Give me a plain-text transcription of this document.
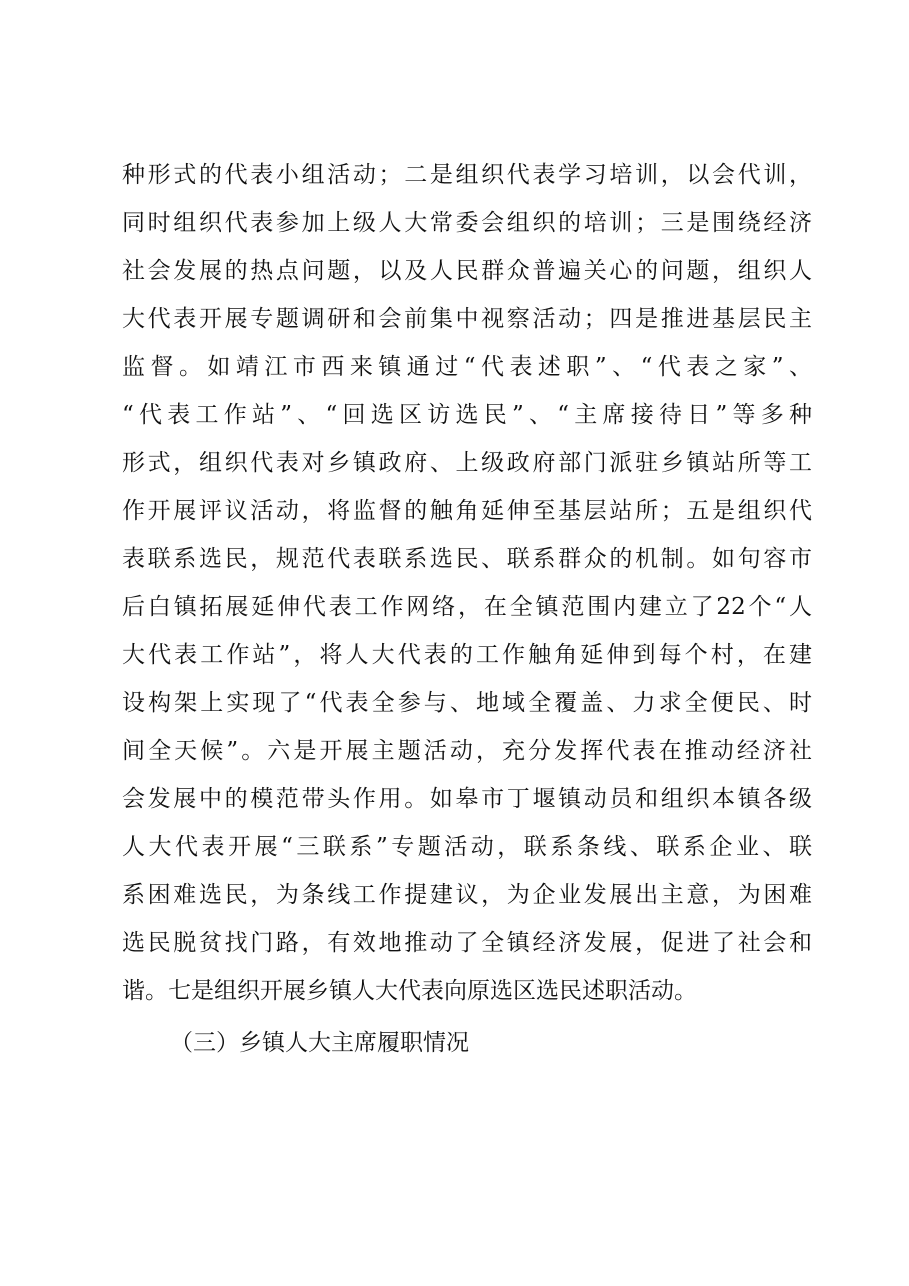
种形式的代表小组活动；二是组织代表学习培训，以会代训，
同时组织代表参加上级人大常委会组织的培训；三是围绕经济
社会发展的热点问题，以及人民群众普遍关心的问题，组织人
大代表开展专题调研和会前集中视察活动；四是推进基层民主
监督。如靖江市西来镇通过“代表述职”、“代表之家”、
“代表工作站”、“回选区访选民”、“主席接待日”等多种
形式，组织代表对乡镇政府、上级政府部门派驻乡镇站所等工
作开展评议活动，将监督的触角延伸至基层站所；五是组织代
表联系选民，规范代表联系选民、联系群众的机制。如句容市
后白镇拓展延伸代表工作网络，在全镇范围内建立了22个“人
大代表工作站”，将人大代表的工作触角延伸到每个村，在建
设构架上实现了“代表全参与、地域全覆盖、力求全便民、时
间全天候”。六是开展主题活动，充分发挥代表在推动经济社
会发展中的模范带头作用。如皋市丁堰镇动员和组织本镇各级
人大代表开展“三联系”专题活动，联系条线、联系企业、联
系困难选民，为条线工作提建议，为企业发展出主意，为困难
选民脱贫找门路，有效地推动了全镇经济发展，促进了社会和
谐。七是组织开展乡镇人大代表向原选区选民述职活动。
（三）乡镇人大主席履职情况
